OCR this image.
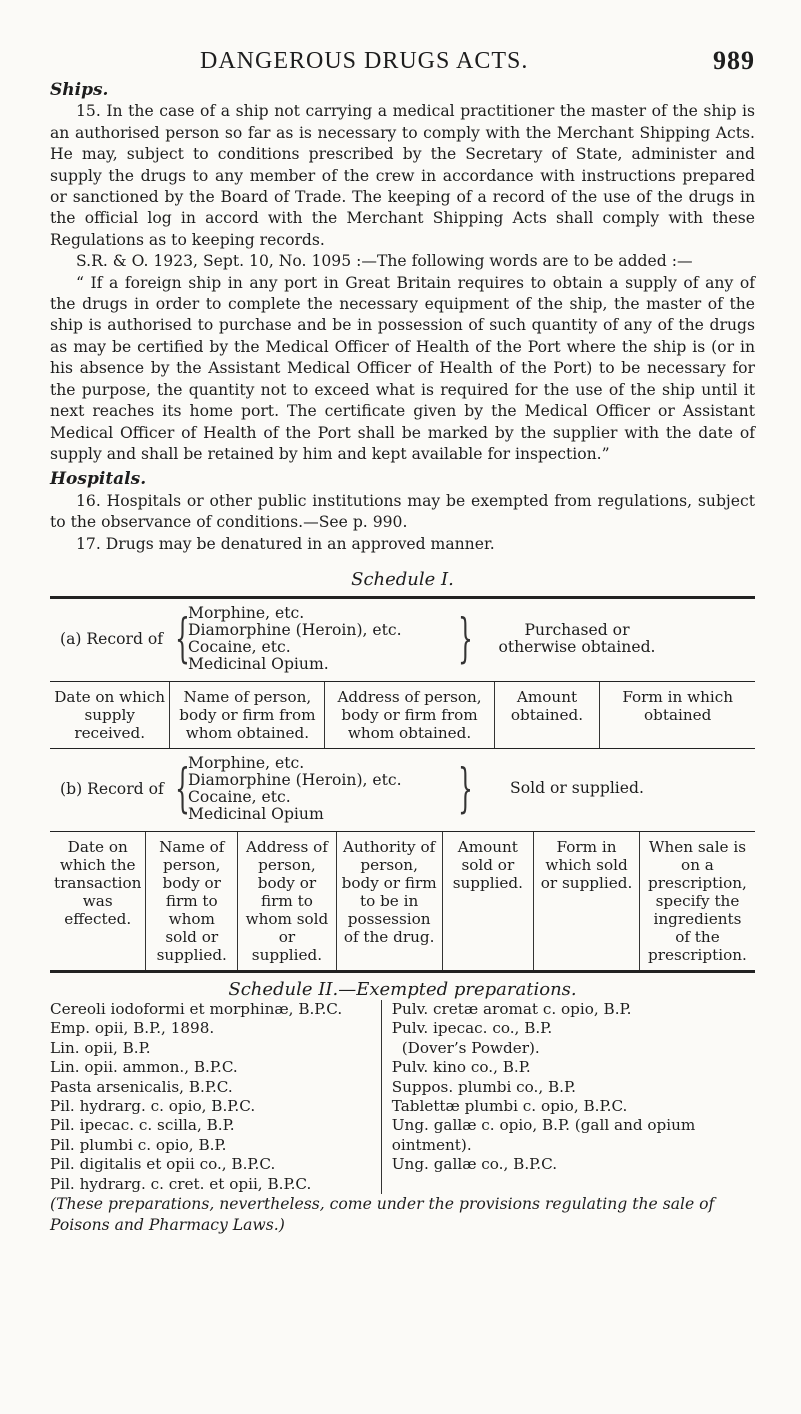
DANGEROUS DRUGS ACTS.	989
Ships.

15. In the case of a ship not carrying a medical practitioner the master of the ship is an authorised person so far as is necessary to comply with the Merchant Shipping Acts. He may, subject to conditions prescribed by the Secretary of State, administer and supply the drugs to any member of the crew in accordance with instructions prepared or sanctioned by the Board of Trade. The keeping of a record of the use of the drugs in the official log in accord with the Merchant Shipping Acts shall comply with these Regulations as to keeping records.

S.R. & O. 1923, Sept. 10, No. 1095 :—The following words are to be added :—

“ If a foreign ship in any port in Great Britain requires to obtain a supply of any of the drugs in order to complete the necessary equipment of the ship, the master of the ship is authorised to purchase and be in possession of such quantity of any of the drugs as may be certified by the Medical Officer of Health of the Port where the ship is (or in his absence by the Assistant Medical Officer of Health of the Port) to be necessary for the purpose, the quantity not to exceed what is required for the use of the ship until it next reaches its home port. The certificate given by the Medical Officer or Assistant Medical Officer of Health of the Port shall be marked by the supplier with the date of supply and shall be retained by him and kept available for inspection.”

Hospitals.

16. Hospitals or other public institutions may be exempted from regulations, subject to the observance of conditions.—See p. 990.

17. Drugs may be denatured in an approved manner.

Schedule I.
(a) Record of {
Morphine, etc.
Diamorphine (Heroin), etc.
Cocaine, etc.
Medicinal Opium.	}	Purchased or otherwise obtained.
Date on which supply received.	Name of person, body or firm from whom obtained.	Address of person, body or firm from whom obtained.	Amount obtained.	Form in which obtained
(b) Record of {
Morphine, etc.
Diamorphine (Heroin), etc.
Cocaine, etc.
Medicinal Opium	}	Sold or supplied.
Date on which the transaction was effected.	Name of person, body or firm to whom sold or supplied.	Address of person, body or firm to whom sold or supplied.	Authority of person, body or firm to be in possession of the drug.	Amount sold or supplied.	Form in which sold or supplied.	When sale is on a prescription, specify the ingredients of the prescription.
Schedule II.—Exempted preparations.
Cereoli iodoformi et morphinæ, B.P.C.
Emp. opii, B.P., 1898.
Lin. opii, B.P.
Lin. opii. ammon., B.P.C.
Pasta arsenicalis, B.P.C.
Pil. hydrarg. c. opio, B.P.C.
Pil. ipecac. c. scilla, B.P.
Pil. plumbi c. opio, B.P.
Pil. digitalis et opii co., B.P.C.
Pil. hydrarg. c. cret. et opii, B.P.C.
Pulv. cretæ aromat c. opio, B.P.
Pulv. ipecac. co., B.P.
(Dover’s Powder).
Pulv. kino co., B.P.
Suppos. plumbi co., B.P.
Tablettæ plumbi c. opio, B.P.C.
Ung. gallæ c. opio, B.P. (gall and opium ointment).
Ung. gallæ co., B.P.C.
(These preparations, nevertheless, come under the provisions regulating the sale of Poisons and Pharmacy Laws.)
